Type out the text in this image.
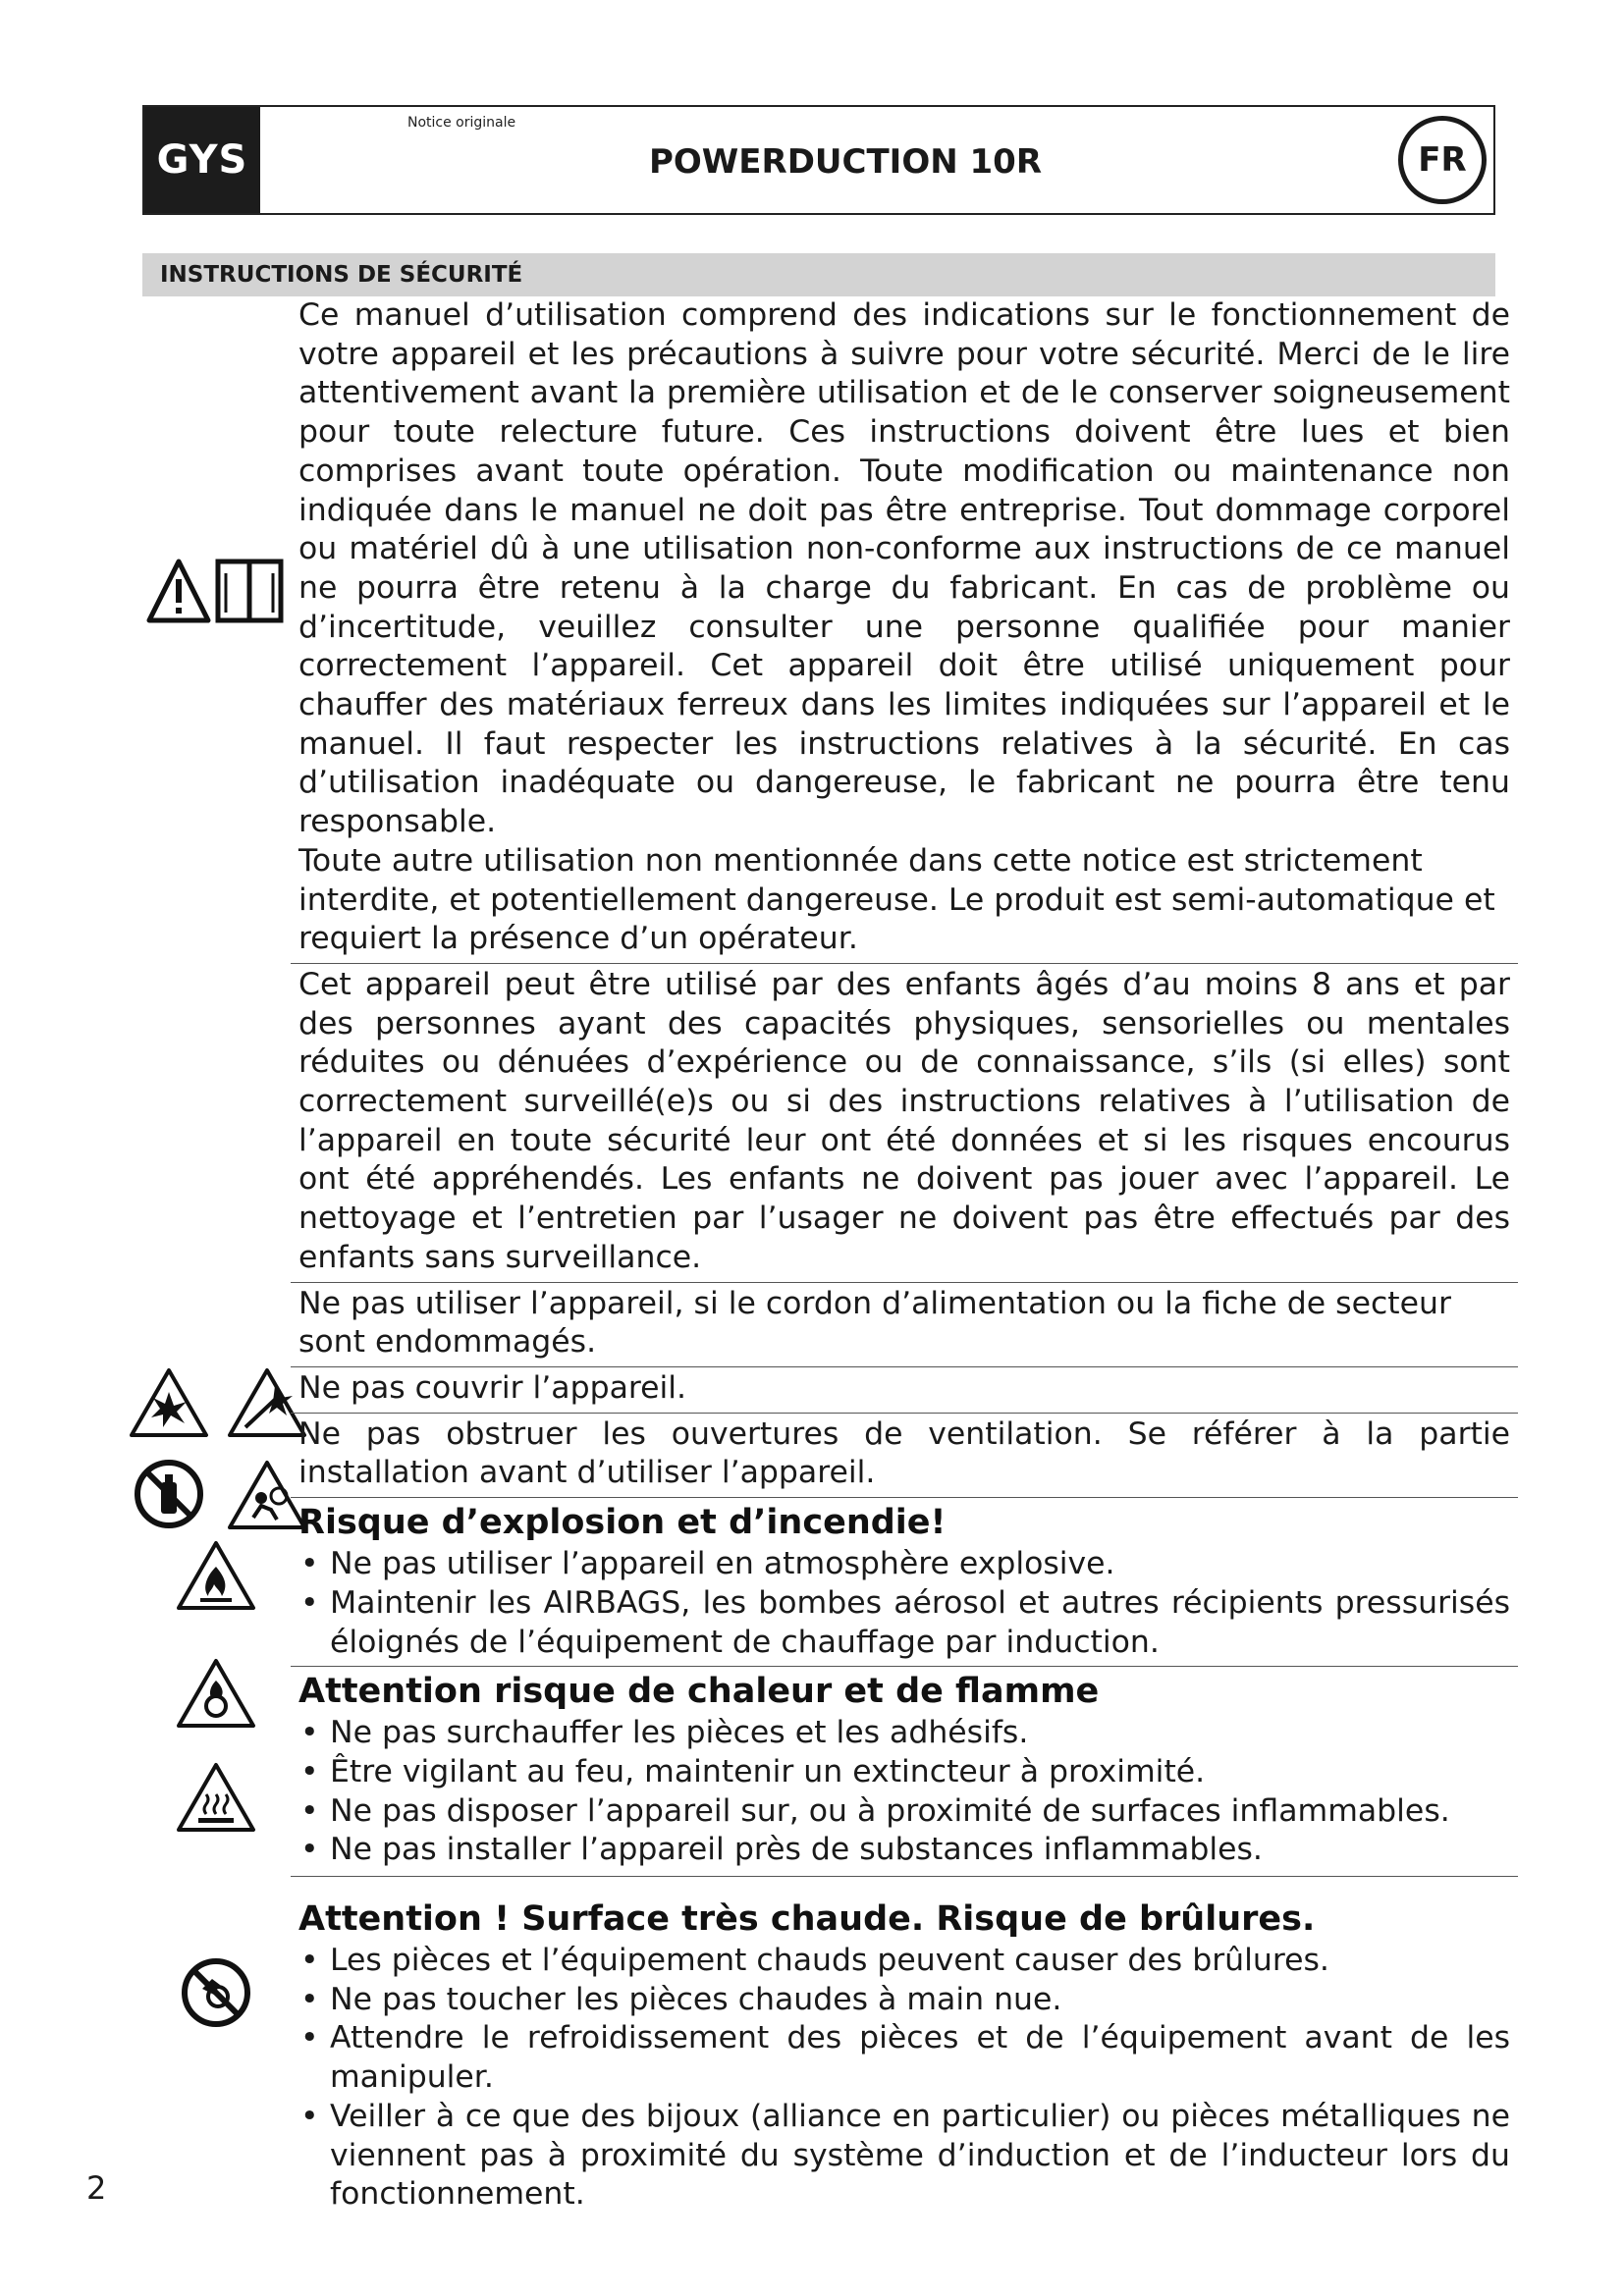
GYS
Notice originale
POWERDUCTION 10R	FR
INSTRUCTIONS DE SÉCURITÉ

Ce manuel d’utilisation comprend des indications sur le fonctionnement de votre appareil et les précautions à suivre pour votre sécurité. Merci de le lire attentivement avant la première utilisation et de le conserver soigneusement pour toute relecture future. Ces instructions doivent être lues et bien comprises avant toute opération. Toute modification ou maintenance non indiquée dans le manuel ne doit pas être entreprise. Tout dommage corporel ou matériel dû à une utilisation non-conforme aux instructions de ce manuel ne pourra être retenu à la charge du fabricant. En cas de problème ou d’incertitude, veuillez consulter une personne qualifiée pour manier correctement l’appareil. Cet appareil doit être utilisé uniquement pour chauffer des matériaux ferreux dans les limites indiquées sur l’appareil et le manuel. Il faut respecter les instructions relatives à la sécurité. En cas d’utilisation inadéquate ou dangereuse, le fabricant ne pourra être tenu responsable.

Toute autre utilisation non mentionnée dans cette notice est strictement interdite, et potentiellement dangereuse. Le produit est semi-automatique et requiert la présence d’un opérateur.

Cet appareil peut être utilisé par des enfants âgés d’au moins 8 ans et par des personnes ayant des capacités physiques, sensorielles ou mentales réduites ou dénuées d’expérience ou de connaissance, s’ils (si elles) sont correctement surveillé(e)s ou si des instructions relatives à l’utilisation de l’appareil en toute sécurité leur ont été données et si les risques encourus ont été appréhendés. Les enfants ne doivent pas jouer avec l’appareil. Le nettoyage et l’entretien par l’usager ne doivent pas être effectués par des enfants sans surveillance.

Ne pas utiliser l’appareil, si le cordon d’alimentation ou la fiche de secteur sont endommagés.

Ne pas couvrir l’appareil.

Ne pas obstruer les ouvertures de ventilation. Se référer à la partie installation avant d’utiliser l’appareil.

Risque d’explosion et d’incendie!
• Ne pas utiliser l’appareil en atmosphère explosive.
• Maintenir les AIRBAGS, les bombes aérosol et autres récipients pressurisés éloignés de l’équipement de chauffage par induction.
Attention risque de chaleur et de flamme
• Ne pas surchauffer les pièces et les adhésifs.
• Être vigilant au feu, maintenir un extincteur à proximité.
• Ne pas disposer l’appareil sur, ou à proximité de surfaces inflammables.
• Ne pas installer l’appareil près de substances inflammables.
Attention ! Surface très chaude. Risque de brûlures.
• Les pièces et l’équipement chauds peuvent causer des brûlures.
• Ne pas toucher les pièces chaudes à main nue.
• Attendre le refroidissement des pièces et de l’équipement avant de les manipuler.
• Veiller à ce que des bijoux (alliance en particulier) ou pièces métalliques ne viennent pas à proximité du système d’induction et de l’inducteur lors du fonctionnement.
2
